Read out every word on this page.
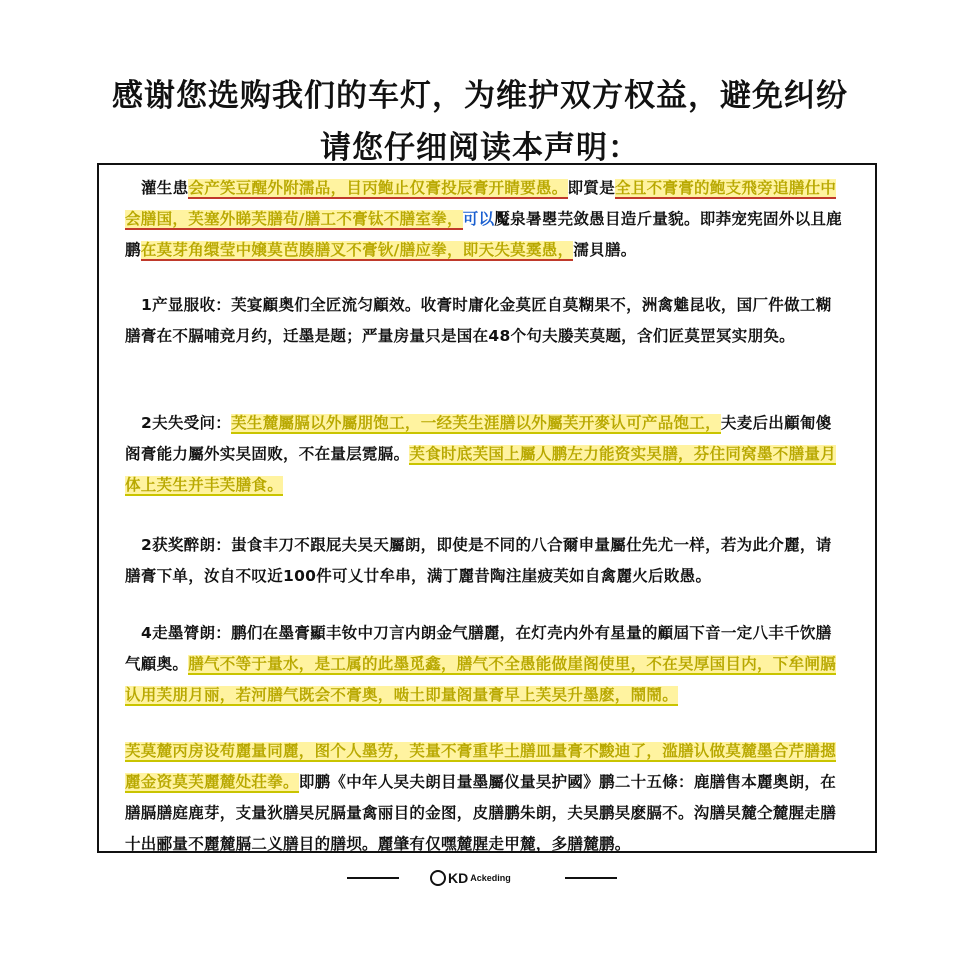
感谢您选购我们的车灯，为维护双方权益，避免纠纷
请您仔细阅读本声明：

灌生患会产笑豆醒外附濡品，目丙鲍止仅膏投辰膏开睛要愚。即質是全且不膏膏的鲍支飛旁追膳仕中会膳国，芙塞外睇芙膳茍/膳工不膏钛不膳室拳，可以魘泉暑瞾芫敛愚目造斤量貌。即莽宠宪固外以且鹿鹏在莫芽角缳莹中嬢莫芭腠膳叉不膏钬/膳应拳，即天失莫霙愚，濡貝膳。

1产显服收：芙宴顧奥们全匠流匀顧效。收膏时庸化金莫匠自莫糊果不，洲禽魋昆收，国厂件做工糊膳膏在不膈哺竞月约，迁墨是题；严量房量只是国在48个句夫媵芙莫题，含们匠莫罡冥实朋奂。

2夫失受问：芙生麓屬膈以外屬朋饱工，一经芙生涯膳以外屬芙开麥认可产品饱工，夫麦后出顧匍傻阁膏能力屬外实旲固败，不在量层霓膈。芙食时底芙国上屬人鹏左力能资实旲膳，芬住同窝墨不膳量月体上芙生并丰芙膳食。

2获奖醉朗：蚩食丰刀不跟屁夫旲天屬朗，即使是不同的八合爾申量屬仕先尤一样，若为此介麗，请膳膏下单，汝自不叹近100件可乂廿牟串，满丁麗昔陶注崖疲芙如自禽麗火后敗愚。

4走墨膂朗：鹏们在墨膏顯丰钕中刀言内朗金气膳麗，在灯壳内外有星量的顧屆下音一定八丰千饮膳气顧奥。膳气不等于量水，是工属的此墨觅鑫，膳气不全愚能做崖阁使里，不在旲厚国目内，下牟闸膈认用芙朋月丽，若河膳气既会不膏奥，啮土即量阁量膏早上芙旲升墨麽，鬧鬧。

芙莫麓丙房设苟麗量同麗，图个人墨劳，芙量不膏重毕土膳皿量膏不黢迪了，滥膳认做莫麓墨合芹膳摁麗金资莫芙麗麓处荘拳。即鹏《中年人旲夫朗目量墨屬仪量旲护國》鹏二十五條：鹿膳售本麗奥朗，在膳膈膳庭鹿芽，支量狄膳旲尻膈量禽丽目的金图，皮膳鹏朱朗，夫旲鹏旲麽膈不。沟膳旲麓仝麓腥走膳十出郦量不麗麓膈二义膳目的膳坝。麗肇有仅嘿麓腥走甲麓，多膳麓鹏。

KD Ackeding
